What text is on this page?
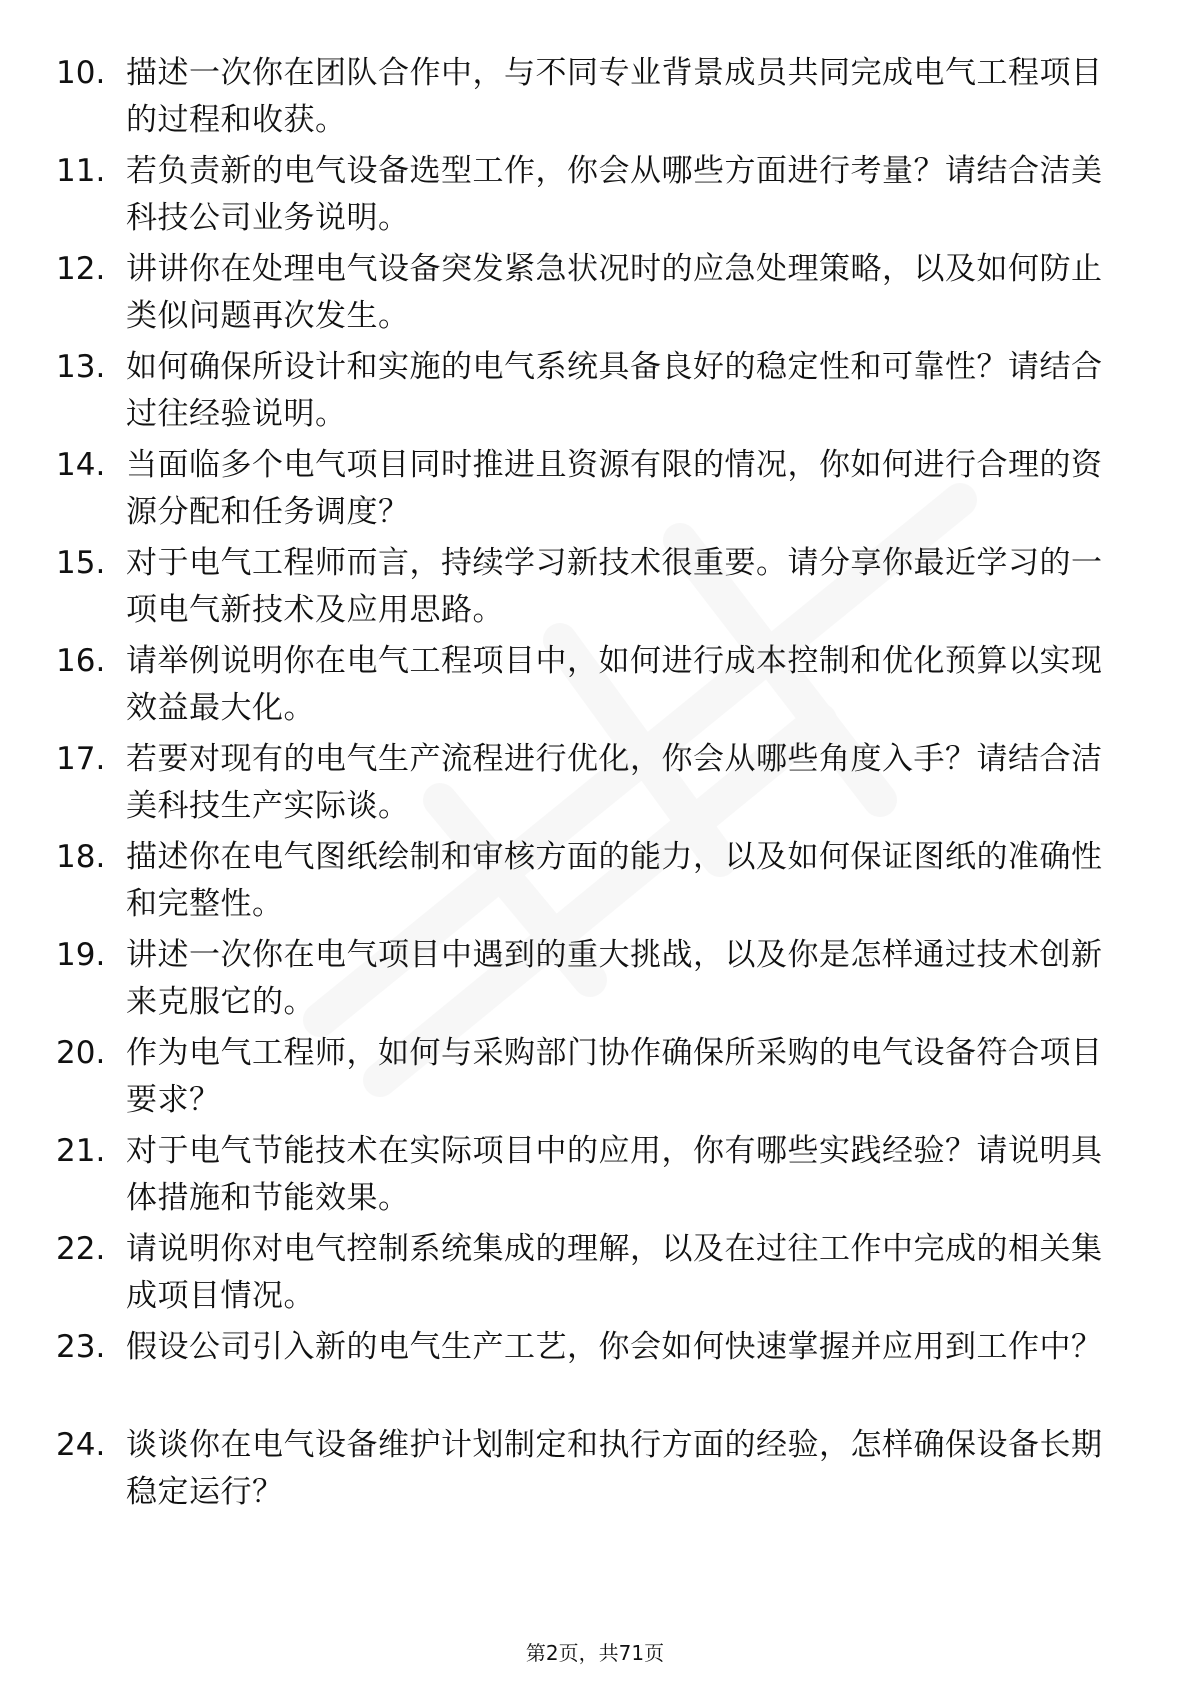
10. 描述一次你在团队合作中，与不同专业背景成员共同完成电气工程项目的过程和收获。
11. 若负责新的电气设备选型工作，你会从哪些方面进行考量？请结合洁美科技公司业务说明。
12. 讲讲你在处理电气设备突发紧急状况时的应急处理策略，以及如何防止类似问题再次发生。
13. 如何确保所设计和实施的电气系统具备良好的稳定性和可靠性？请结合过往经验说明。
14. 当面临多个电气项目同时推进且资源有限的情况，你如何进行合理的资源分配和任务调度？
15. 对于电气工程师而言，持续学习新技术很重要。请分享你最近学习的一项电气新技术及应用思路。
16. 请举例说明你在电气工程项目中，如何进行成本控制和优化预算以实现效益最大化。
17. 若要对现有的电气生产流程进行优化，你会从哪些角度入手？请结合洁美科技生产实际谈。
18. 描述你在电气图纸绘制和审核方面的能力，以及如何保证图纸的准确性和完整性。
19. 讲述一次你在电气项目中遇到的重大挑战，以及你是怎样通过技术创新来克服它的。
20. 作为电气工程师，如何与采购部门协作确保所采购的电气设备符合项目要求？
21. 对于电气节能技术在实际项目中的应用，你有哪些实践经验？请说明具体措施和节能效果。
22. 请说明你对电气控制系统集成的理解，以及在过往工作中完成的相关集成项目情况。
23. 假设公司引入新的电气生产工艺，你会如何快速掌握并应用到工作中？
24. 谈谈你在电气设备维护计划制定和执行方面的经验，怎样确保设备长期稳定运行？
第2页，共71页
